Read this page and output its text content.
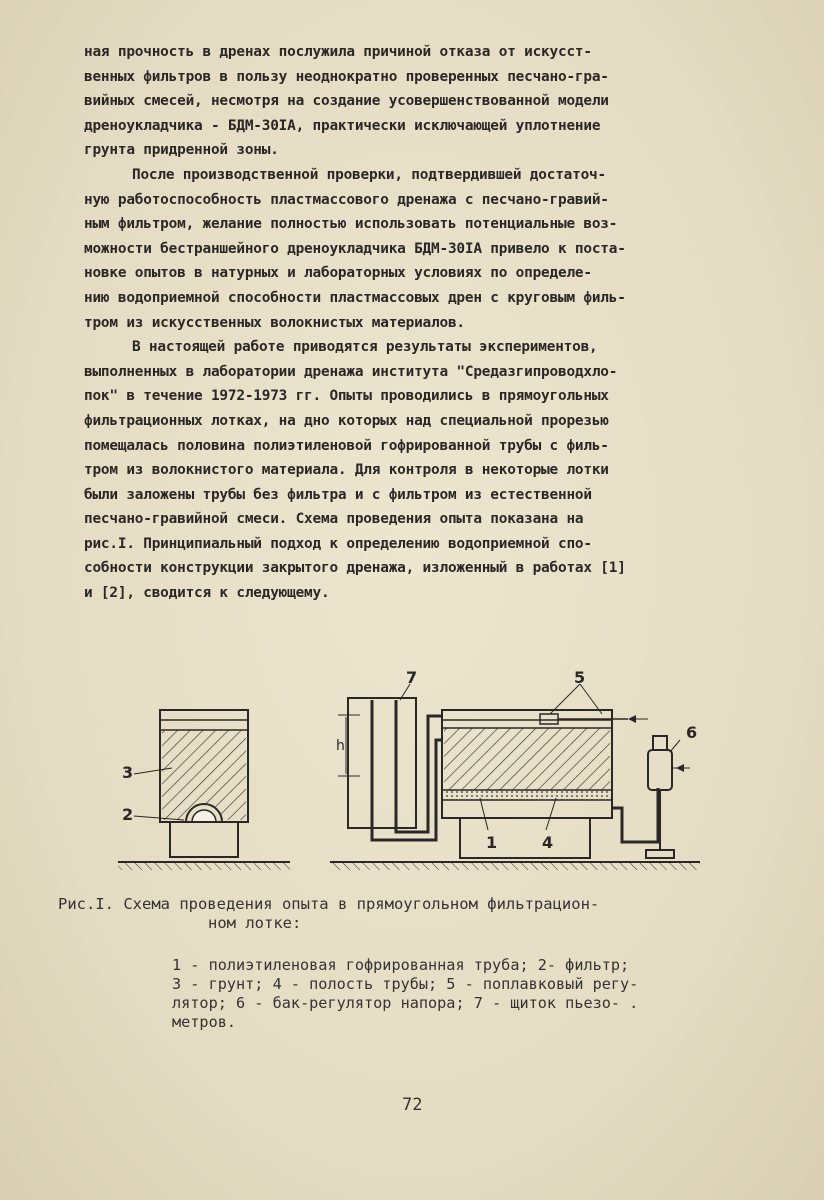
ная прочность в дренах послужила причиной отказа от искусст-
венных фильтров в пользу неоднократно проверенных песчано-гра-
вийных смесей, несмотря на создание усовершенствованной модели
дреноукладчика - БДМ-30IА, практически исключающей уплотнение
грунта придренной зоны.
После производственной проверки, подтвердившей достаточ-
ную работоспособность пластмассового дренажа с песчано-гравий-
ным фильтром, желание полностью использовать потенциальные воз-
можности бестраншейного дреноукладчика БДМ-30IА привело к поста-
новке опытов в натурных и лабораторных условиях по определе-
нию водоприемной способности пластмассовых дрен с круговым филь-
тром из искусственных волокнистых материалов.
В настоящей работе приводятся результаты экспериментов,
выполненных в лаборатории дренажа института "Средазгипроводхло-
пок" в течение 1972-1973 гг. Опыты проводились в прямоугольных
фильтрационных лотках, на дно которых над специальной прорезью
помещалась половина полиэтиленовой гофрированной трубы с филь-
тром из волокнистого материала. Для контроля в некоторые лотки
были заложены трубы без фильтра и с фильтром из естественной
песчано-гравийной смеси. Схема проведения опыта показана на
рис.I. Принципиальный подход к определению водоприемной спо-
собности конструкции закрытого дренажа, изложенный в работах [1]
и [2], сводится к следующему.
3
2
7	5
6
h
1	4
Рис.I. Схема проведения опыта в прямоугольном фильтрацион-
ном лотке:
1 - полиэтиленовая гофрированная труба; 2- фильтр;
3 - грунт; 4 - полость трубы; 5 - поплавковый регу-
лятор; 6 - бак-регулятор напора; 7 - щиток пьезо- .
метров.
72
